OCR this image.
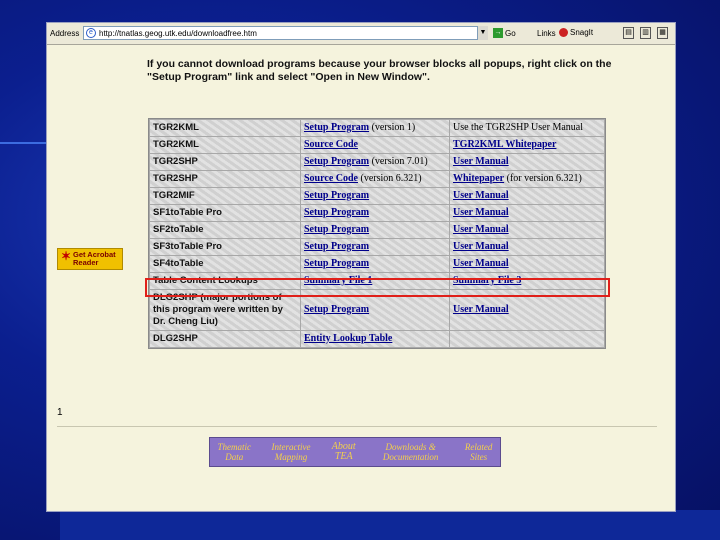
Address	e http://tnatlas.geog.utk.edu/downloadfree.htm	▼ → Go	Links SnagIt	▤	▥	▦
If you cannot download programs because your browser blocks all popups, right click on the "Setup Program" link and select "Open in New Window".
✶ Get Acrobat
Reader
TGR2KML	Setup Program (version 1)	Use the TGR2SHP User Manual
TGR2KML	Source Code	TGR2KML Whitepaper
TGR2SHP	Setup Program (version 7.01)	User Manual
TGR2SHP	Source Code (version 6.321)	Whitepaper (for version 6.321)
TGR2MIF	Setup Program	User Manual
SF1toTable Pro	Setup Program	User Manual
SF2toTable	Setup Program	User Manual
SF3toTable Pro	Setup Program	User Manual
SF4toTable	Setup Program	User Manual
Table Content Lookups	Summary File 1	Summary File 3
DLG2SHP (major portions of this program were written by Dr. Cheng Liu)	Setup Program	User Manual
DLG2SHP	Entity Lookup Table	
1
Thematic Data
Interactive Mapping
About TEA
Downloads & Documentation
Related Sites
